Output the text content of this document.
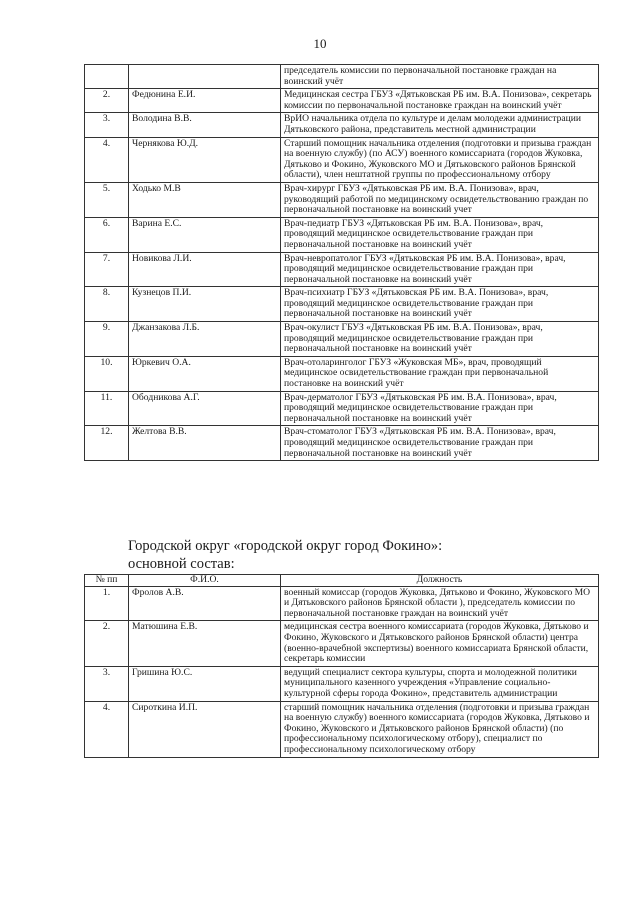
10
		председатель комиссии по первоначальной постановке граждан на воинский учёт
2.	Федюнина Е.И.	Медицинская сестра ГБУЗ «Дятьковская РБ им. В.А. Понизова», секретарь комиссии по первоначальной постановке граждан на воинский учёт
3.	Володина В.В.	ВрИО начальника отдела по культуре и делам молодежи администрации Дятьковского района, представитель местной администрации
4.	Чернякова Ю.Д.	Старший помощник начальника отделения (подготовки и призыва граждан на военную службу) (по АСУ) военного комиссариата (городов Жуковка, Дятьково и Фокино, Жуковского МО и Дятьковского районов Брянской области), член нештатной группы по профессиональному отбору
5.	Ходько М.В	Врач-хирург ГБУЗ «Дятьковская РБ им. В.А. Понизова», врач, руководящий работой по медицинскому освидетельствованию граждан по первоначальной постановке на воинский учет
6.	Варина Е.С.	Врач-педиатр ГБУЗ «Дятьковская РБ им. В.А. Понизова», врач, проводящий медицинское освидетельствование граждан при первоначальной постановке на воинский учёт
7.	Новикова Л.И.	Врач-невропатолог ГБУЗ «Дятьковская РБ им. В.А. Понизова», врач, проводящий медицинское освидетельствование граждан при первоначальной постановке на воинский учёт
8.	Кузнецов П.И.	Врач-психиатр ГБУЗ «Дятьковская РБ им. В.А. Понизова», врач, проводящий медицинское освидетельствование граждан при первоначальной постановке на воинский учёт
9.	Джанзакова Л.Б.	Врач-окулист ГБУЗ «Дятьковская РБ им. В.А. Понизова», врач, проводящий медицинское освидетельствование граждан при первоначальной постановке на воинский учёт
10.	Юркевич О.А.	Врач-отоларинголог ГБУЗ «Жуковская МБ», врач, проводящий медицинское освидетельствование граждан при первоначальной постановке на воинский учёт
11.	Ободникова А.Г.	Врач-дерматолог ГБУЗ «Дятьковская РБ им. В.А. Понизова», врач, проводящий медицинское освидетельствование граждан при первоначальной постановке на воинский учёт
12.	Желтова В.В.	Врач-стоматолог ГБУЗ «Дятьковская РБ им. В.А. Понизова», врач, проводящий медицинское освидетельствование граждан при первоначальной постановке на воинский учёт
Городской округ «городской округ город Фокино»:
основной состав:
№ пп	Ф.И.О.	Должность
1.	Фролов А.В.	военный комиссар (городов Жуковка, Дятьково и Фокино, Жуковского МО и Дятьковского районов Брянской области ), председатель комиссии по первоначальной постановке граждан на воинский учёт
2.	Матюшина Е.В.	медицинская сестра военного комиссариата (городов Жуковка, Дятьково и Фокино, Жуковского и Дятьковского районов Брянской области) центра (военно-врачебной экспертизы) военного комиссариата Брянской области, секретарь комиссии
3.	Гришина Ю.С.	ведущий специалист сектора культуры, спорта и молодежной политики муниципального казенного учреждения «Управление социально-культурной сферы города Фокино», представитель администрации
4.	Сироткина И.П.	старший помощник начальника отделения (подготовки и призыва граждан на военную службу) военного комиссариата (городов Жуковка, Дятьково и Фокино, Жуковского и Дятьковского районов Брянской области) (по профессиональному психологическому отбору), специалист по профессиональному психологическому отбору
